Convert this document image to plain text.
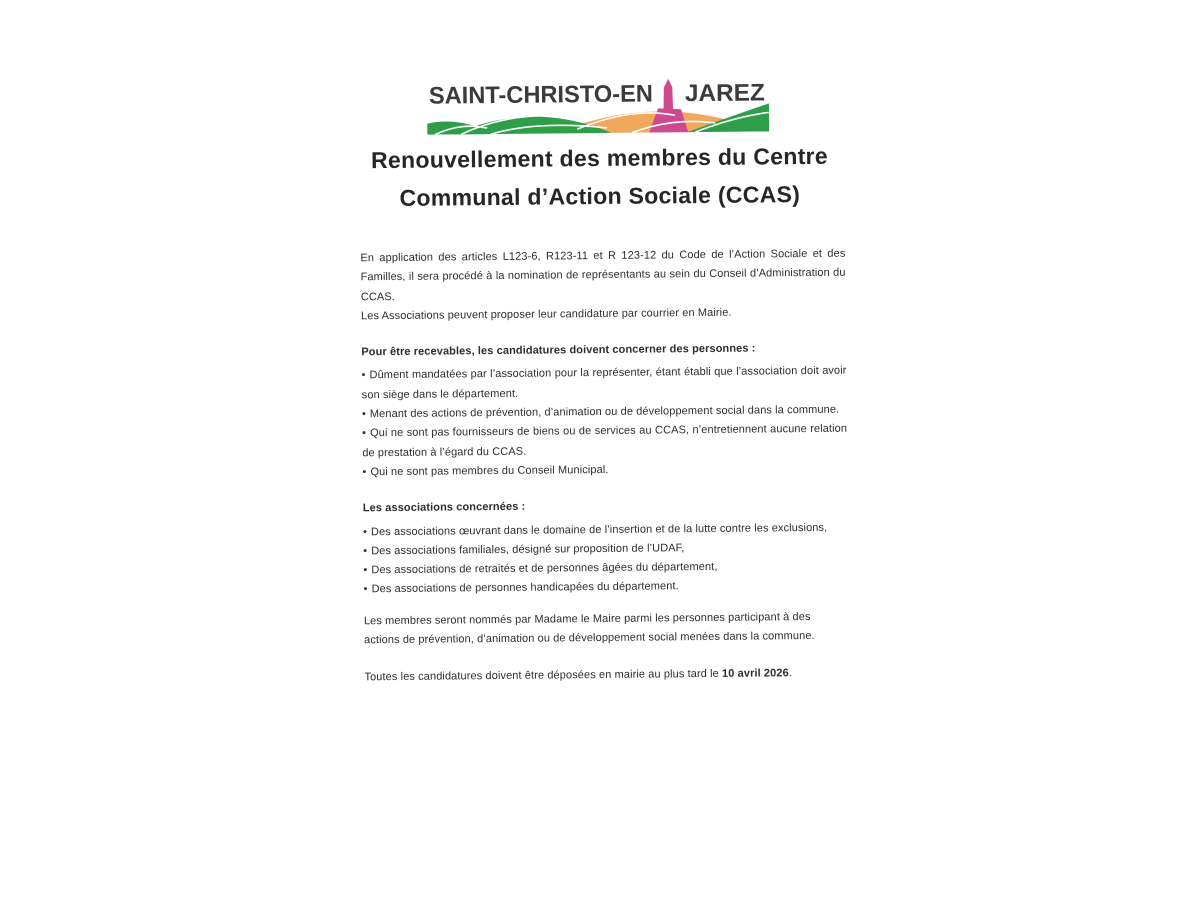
SAINT-CHRISTO-EN JAREZ
Renouvellement des membres du Centre
Communal d’Action Sociale (CCAS)

En application des articles L123-6, R123-11 et R 123-12 du Code de l’Action Sociale et des Familles, il sera procédé à la nomination de représentants au sein du Conseil d’Administration du CCAS.

Les Associations peuvent proposer leur candidature par courrier en Mairie.

Pour être recevables, les candidatures doivent concerner des personnes :

• Dûment mandatées par l’association pour la représenter, étant établi que l’association doit avoir son siège dans le département.

• Menant des actions de prévention, d’animation ou de développement social dans la commune.

• Qui ne sont pas fournisseurs de biens ou de services au CCAS, n’entretiennent aucune relation de prestation à l’égard du CCAS.

• Qui ne sont pas membres du Conseil Municipal.

Les associations concernées :

• Des associations œuvrant dans le domaine de l’insertion et de la lutte contre les exclusions,

• Des associations familiales, désigné sur proposition de l’UDAF,

• Des associations de retraités et de personnes âgées du département,

• Des associations de personnes handicapées du département.

Les membres seront nommés par Madame le Maire parmi les personnes participant à des actions de prévention, d’animation ou de développement social menées dans la commune.

Toutes les candidatures doivent être déposées en mairie au plus tard le 10 avril 2026.
